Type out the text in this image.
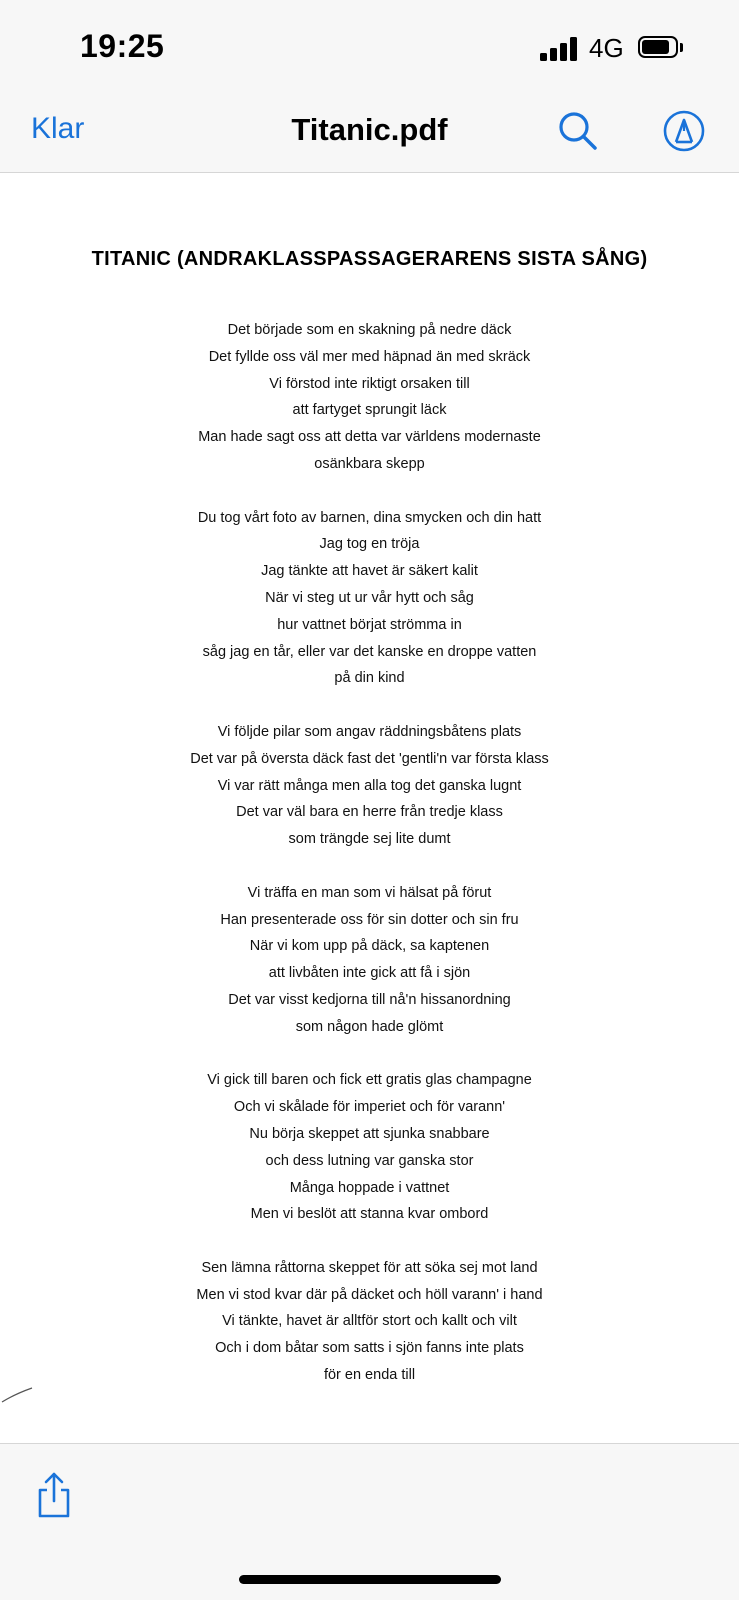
19:25	4G
Klar	Titanic.pdf
TITANIC (ANDRAKLASSPASSAGERARENS SISTA SÅNG)
Det började som en skakning på nedre däck
Det fyllde oss väl mer med häpnad än med skräck
Vi förstod inte riktigt orsaken till
att fartyget sprungit läck
Man hade sagt oss att detta var världens modernaste
osänkbara skepp
Du tog vårt foto av barnen, dina smycken och din hatt
Jag tog en tröja
Jag tänkte att havet är säkert kalit
När vi steg ut ur vår hytt och såg
hur vattnet börjat strömma in
såg jag en tår, eller var det kanske en droppe vatten
på din kind
Vi följde pilar som angav räddningsbåtens plats
Det var på översta däck fast det 'gentli'n var första klass
Vi var rätt många men alla tog det ganska lugnt
Det var väl bara en herre från tredje klass
som trängde sej lite dumt
Vi träffa en man som vi hälsat på förut
Han presenterade oss för sin dotter och sin fru
När vi kom upp på däck, sa kaptenen
att livbåten inte gick att få i sjön
Det var visst kedjorna till nå'n hissanordning
som någon hade glömt
Vi gick till baren och fick ett gratis glas champagne
Och vi skålade för imperiet och för varann'
Nu börja skeppet att sjunka snabbare
och dess lutning var ganska stor
Många hoppade i vattnet
Men vi beslöt att stanna kvar ombord
Sen lämna råttorna skeppet för att söka sej mot land
Men vi stod kvar där på däcket och höll varann' i hand
Vi tänkte, havet är alltför stort och kallt och vilt
Och i dom båtar som satts i sjön fanns inte plats
för en enda till
